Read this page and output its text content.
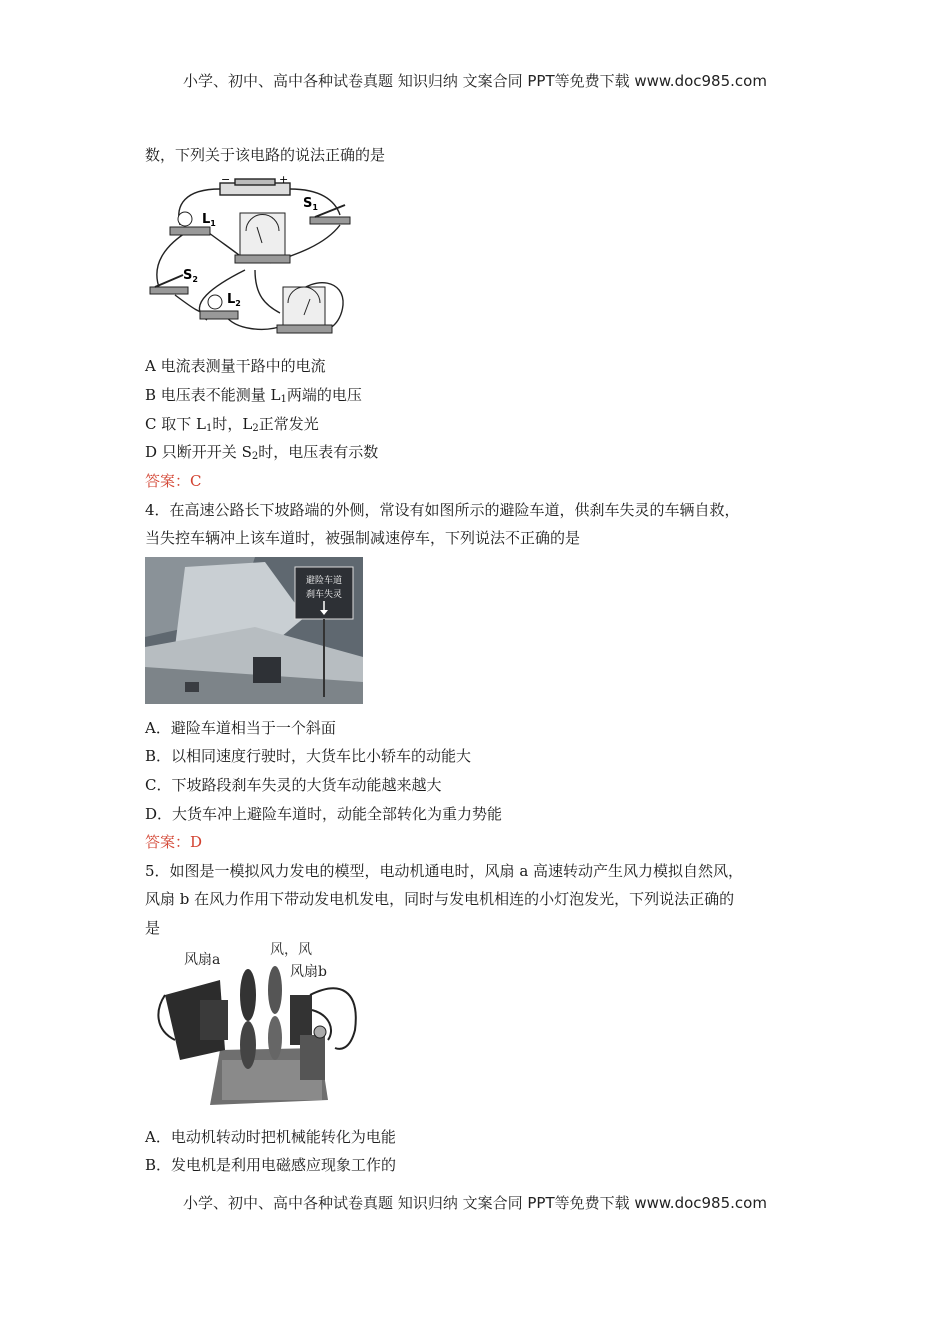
小学、初中、高中各种试卷真题 知识归纳 文案合同 PPT等免费下载 www.doc985.com
数，下列关于该电路的说法正确的是
−	+
$L_1$
$S_1$
$S_2$
$L_2$
A 电流表测量干路中的电流
B 电压表不能测量 $L_1$两端的电压
C 取下 $L_1$时，$L_2$正常发光
D 只断开开关 $S_2$时，电压表有示数
答案：C
4．在高速公路长下坡路端的外侧，常设有如图所示的避险车道，供刹车失灵的车辆自救，
当失控车辆冲上该车道时，被强制减速停车，下列说法不正确的是
避险车道
刹车失灵
A．避险车道相当于一个斜面
B．以相同速度行驶时，大货车比小轿车的动能大
C．下坡路段刹车失灵的大货车动能越来越大
D．大货车冲上避险车道时，动能全部转化为重力势能
答案：D
5．如图是一模拟风力发电的模型，电动机通电时，风扇 a 高速转动产生风力模拟自然风，
风扇 b 在风力作用下带动发电机发电，同时与发电机相连的小灯泡发光，下列说法正确的
是
风，风
风扇a
风扇b
A．电动机转动时把机械能转化为电能
B．发电机是利用电磁感应现象工作的
小学、初中、高中各种试卷真题 知识归纳 文案合同 PPT等免费下载 www.doc985.com
